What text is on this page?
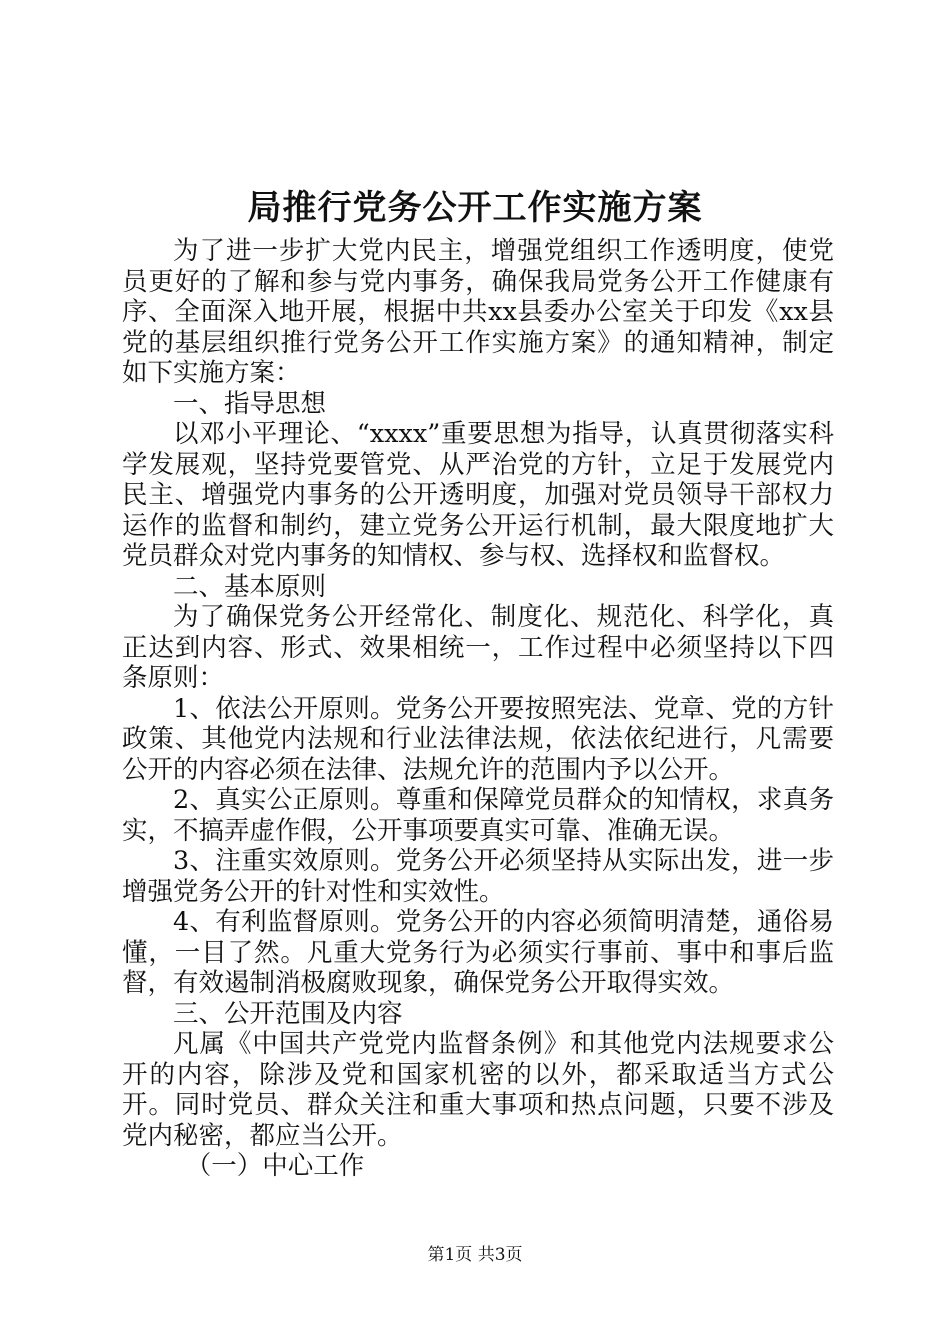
局推行党务公开工作实施方案

为了进一步扩大党内民主，增强党组织工作透明度，使党员更好的了解和参与党内事务，确保我局党务公开工作健康有序、全面深入地开展，根据中共xx县委办公室关于印发《xx县党的基层组织推行党务公开工作实施方案》的通知精神，制定如下实施方案：

一、指导思想

以邓小平理论、“xxxx”重要思想为指导，认真贯彻落实科学发展观，坚持党要管党、从严治党的方针，立足于发展党内民主、增强党内事务的公开透明度，加强对党员领导干部权力运作的监督和制约，建立党务公开运行机制，最大限度地扩大党员群众对党内事务的知情权、参与权、选择权和监督权。

二、基本原则

为了确保党务公开经常化、制度化、规范化、科学化，真正达到内容、形式、效果相统一，工作过程中必须坚持以下四条原则：

1、依法公开原则。党务公开要按照宪法、党章、党的方针政策、其他党内法规和行业法律法规，依法依纪进行，凡需要公开的内容必须在法律、法规允许的范围内予以公开。

2、真实公正原则。尊重和保障党员群众的知情权，求真务实，不搞弄虚作假，公开事项要真实可靠、准确无误。

3、注重实效原则。党务公开必须坚持从实际出发，进一步增强党务公开的针对性和实效性。

4、有利监督原则。党务公开的内容必须简明清楚，通俗易懂，一目了然。凡重大党务行为必须实行事前、事中和事后监督，有效遏制消极腐败现象，确保党务公开取得实效。

三、公开范围及内容

凡属《中国共产党党内监督条例》和其他党内法规要求公开的内容，除涉及党和国家机密的以外，都采取适当方式公开。同时党员、群众关注和重大事项和热点问题，只要不涉及党内秘密，都应当公开。

（一）中心工作

第1页 共3页
